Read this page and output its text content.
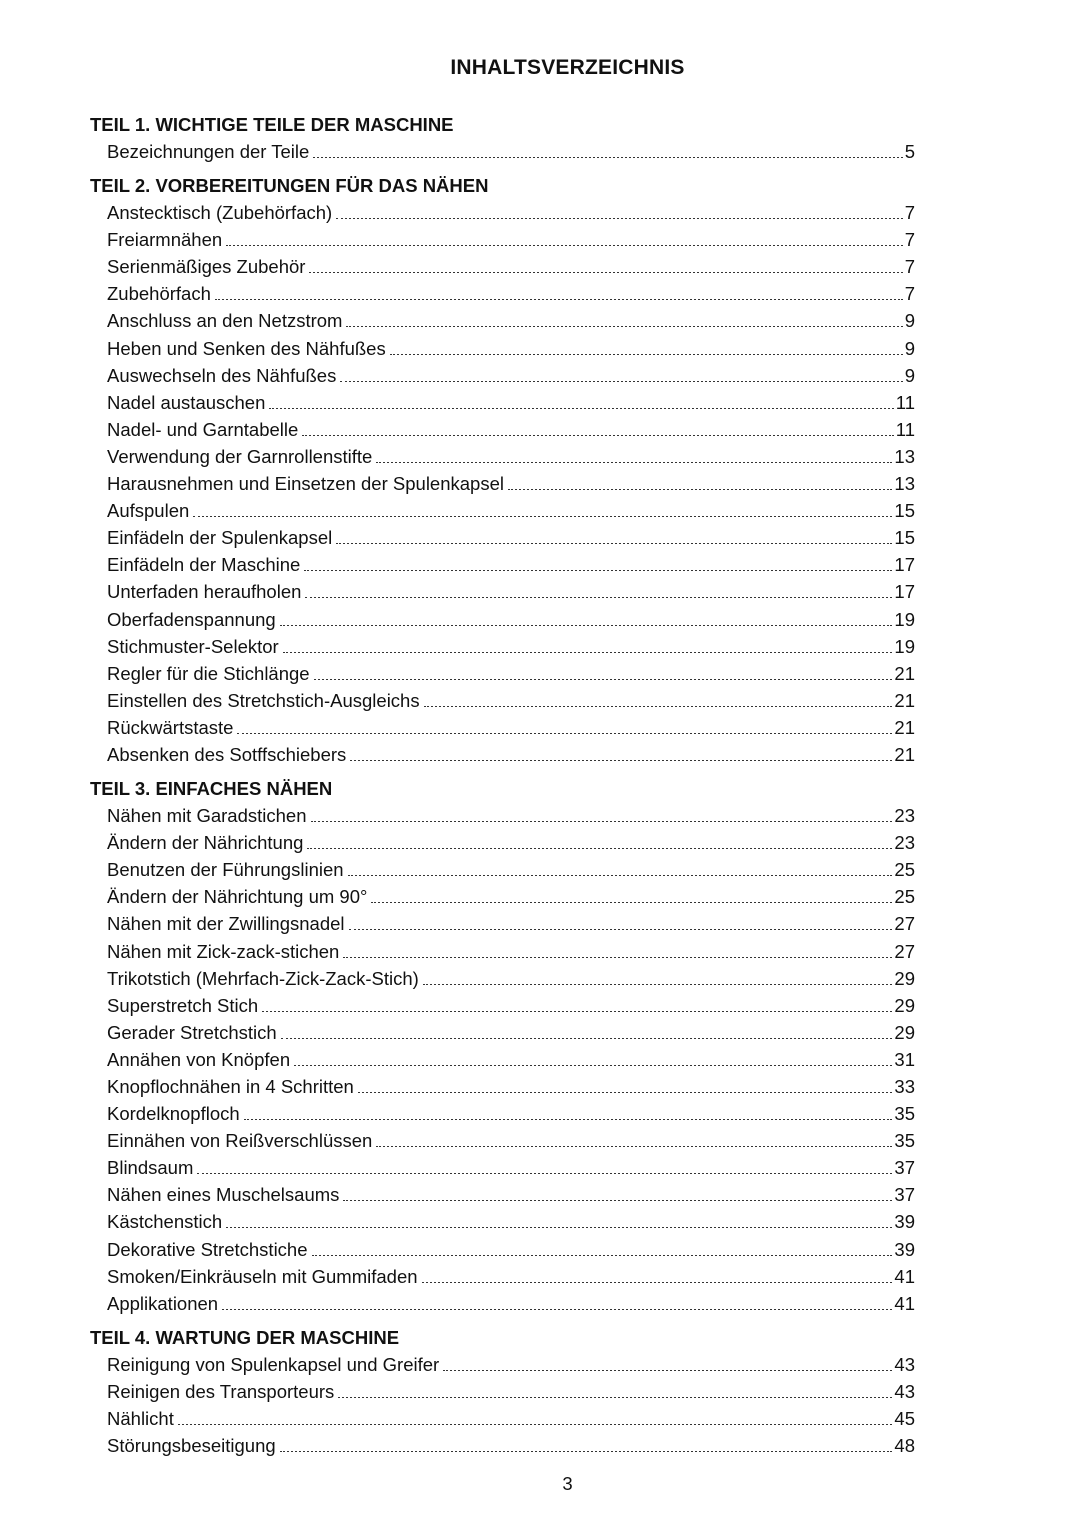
INHALTSVERZEICHNIS
TEIL 1. WICHTIGE TEILE DER MASCHINE
Bezeichnungen der Teile	5
TEIL 2. VORBEREITUNGEN FÜR DAS NÄHEN
Anstecktisch (Zubehörfach)	7
Freiarmnähen	7
Serienmäßiges Zubehör	7
Zubehörfach	7
Anschluss an den Netzstrom	9
Heben und Senken des Nähfußes	9
Auswechseln des Nähfußes	9
Nadel austauschen	11
Nadel- und Garntabelle	11
Verwendung der Garnrollenstifte	13
Harausnehmen und Einsetzen der Spulenkapsel	13
Aufspulen	15
Einfädeln der Spulenkapsel	15
Einfädeln der Maschine	17
Unterfaden heraufholen	17
Oberfadenspannung	19
Stichmuster-Selektor	19
Regler für die Stichlänge	21
Einstellen des Stretchstich-Ausgleichs	21
Rückwärtstaste	21
Absenken des Sotffschiebers	21
TEIL 3. EINFACHES NÄHEN
Nähen mit Garadstichen	23
Ändern der Nährichtung	23
Benutzen der Führungslinien	25
Ändern der Nährichtung um 90°	25
Nähen mit der Zwillingsnadel	27
Nähen mit Zick-zack-stichen	27
Trikotstich (Mehrfach-Zick-Zack-Stich)	29
Superstretch Stich	29
Gerader Stretchstich	29
Annähen von Knöpfen	31
Knopflochnähen in 4 Schritten	33
Kordelknopfloch	35
Einnähen von Reißverschlüssen	35
Blindsaum	37
Nähen eines Muschelsaums	37
Kästchenstich	39
Dekorative Stretchstiche	39
Smoken/Einkräuseln mit Gummifaden	41
Applikationen	41
TEIL 4. WARTUNG DER MASCHINE
Reinigung von Spulenkapsel und Greifer	43
Reinigen des Transporteurs	43
Nählicht	45
Störungsbeseitigung	48
3
